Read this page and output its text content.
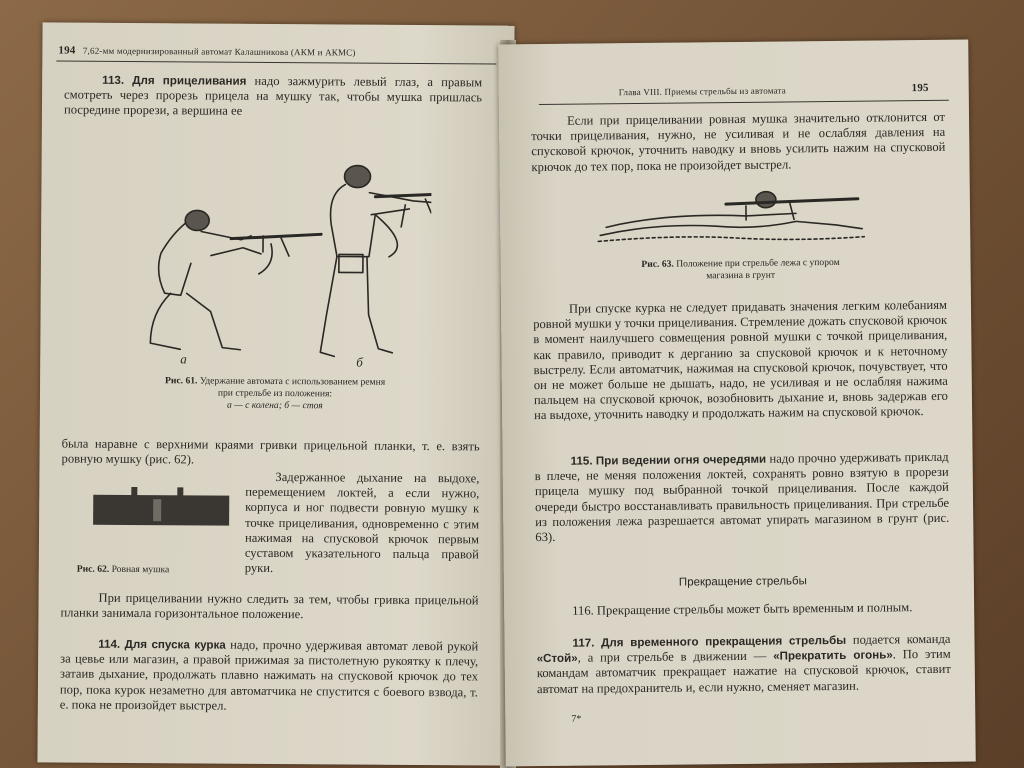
194 7,62-мм модернизированный автомат Калашникова (АКМ и АКМС)

113. Для прицеливания надо зажмурить левый глаз, а правым смотреть через прорезь прицела на мушку так, чтобы мушка пришлась посредине прорези, а вершина ее

а	б
Рис. 61. Удержание автомата с использованием ремня
при стрельбе из положения:
а — с колена; б — стоя

была наравне с верхними краями гривки прицельной планки, т. е. взять ровную мушку (рис. 62).

Рис. 62. Ровная мушка

Задержанное дыхание на выдохе, перемещением локтей, а если нужно, корпуса и ног подвести ровную мушку к точке прицеливания, одновременно с этим нажимая на спусковой крючок первым суставом указательного пальца правой руки.

При прицеливании нужно следить за тем, чтобы гривка прицельной планки занимала горизонтальное положение.

114. Для спуска курка надо, прочно удерживая автомат левой рукой за цевье или магазин, а правой прижимая за пистолетную рукоятку к плечу, затаив дыхание, продолжать плавно нажимать на спусковой крючок до тех пор, пока курок незаметно для автоматчика не спустится с боевого взвода, т. е. пока не произойдет выстрел.

Глава VIII. Приемы стрельбы из автомата	195

Если при прицеливании ровная мушка значительно отклонится от точки прицеливания, нужно, не усиливая и не ослабляя давления на спусковой крючок, уточнить наводку и вновь усилить нажим на спусковой крючок до тех пор, пока не произойдет выстрел.

Рис. 63. Положение при стрельбе лежа с упором
магазина в грунт

При спуске курка не следует придавать значения легким колебаниям ровной мушки у точки прицеливания. Стремление дожать спусковой крючок в момент наилучшего совмещения ровной мушки с точкой прицеливания, как правило, приводит к дерганию за спусковой крючок и к неточному выстрелу. Если автоматчик, нажимая на спусковой крючок, почувствует, что он не может больше не дышать, надо, не усиливая и не ослабляя нажима пальцем на спусковой крючок, возобновить дыхание и, вновь задержав его на выдохе, уточнить наводку и продолжать нажим на спусковой крючок.

115. При ведении огня очередями надо прочно удерживать приклад в плече, не меняя положения локтей, сохранять ровно взятую в прорези прицела мушку под выбранной точкой прицеливания. После каждой очереди быстро восстанавливать правильность прицеливания. При стрельбе из положения лежа разрешается автомат упирать магазином в грунт (рис. 63).

Прекращение стрельбы

116. Прекращение стрельбы может быть временным и полным.

117. Для временного прекращения стрельбы подается команда «Стой», а при стрельбе в движении — «Прекратить огонь». По этим командам автоматчик прекращает нажатие на спусковой крючок, ставит автомат на предохранитель и, если нужно, сменяет магазин.

7*
